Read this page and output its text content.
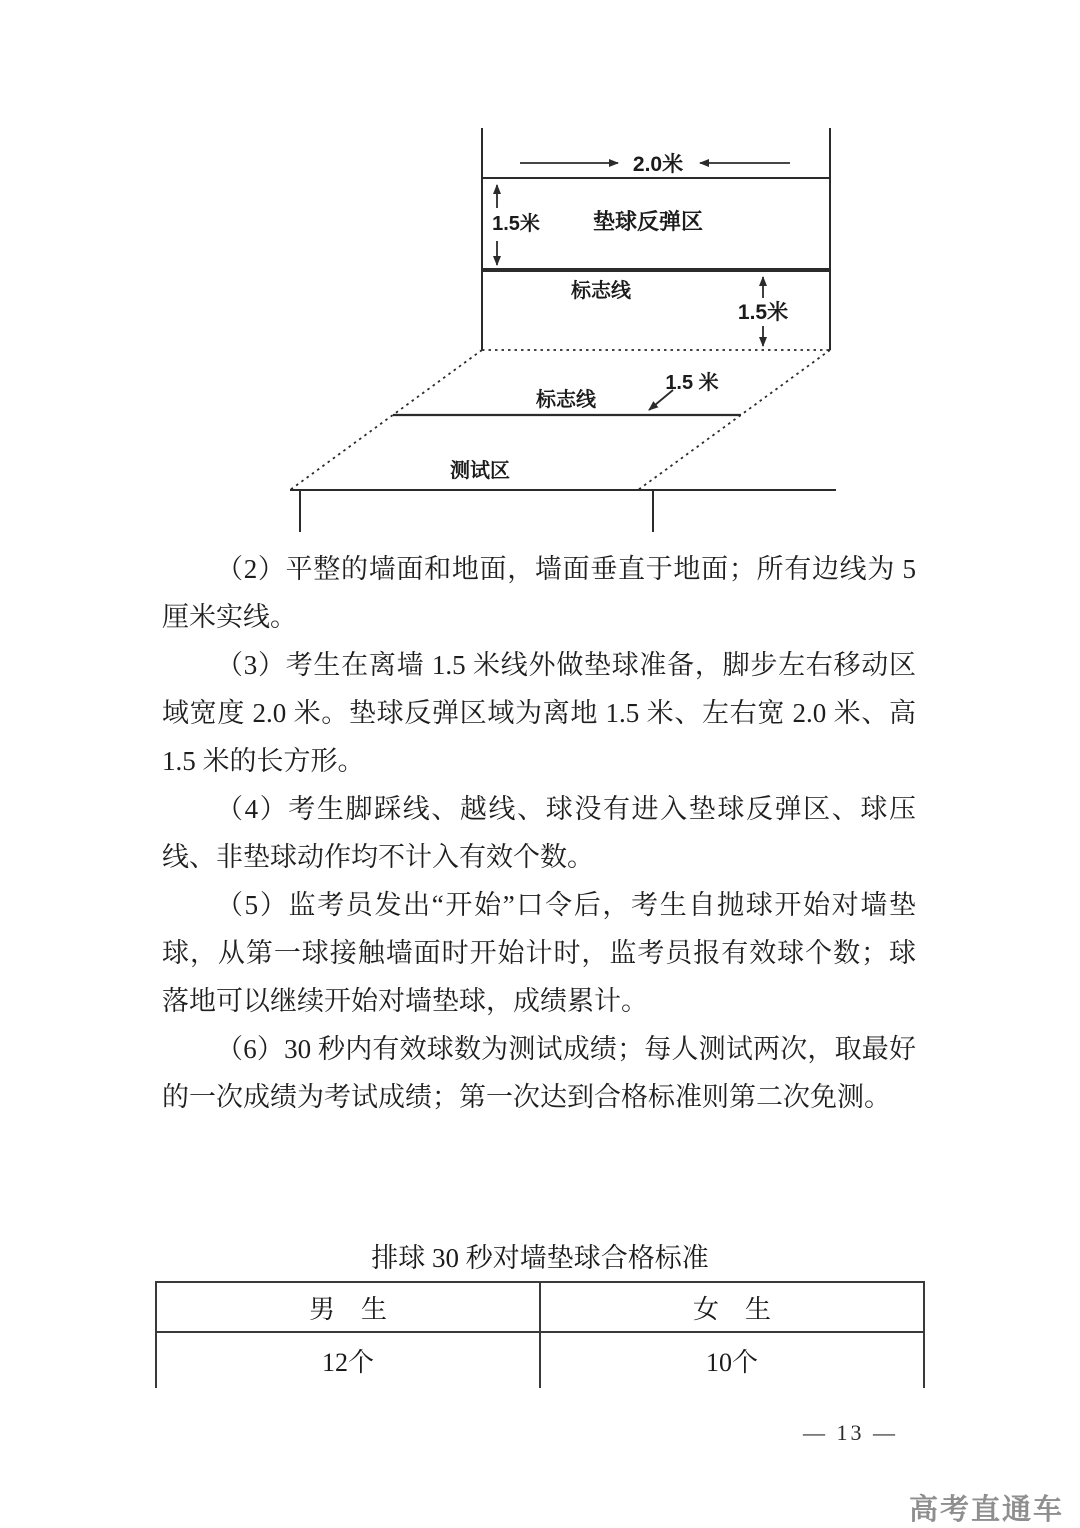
2.0米
1.5米 垫球反弹区
标志线
1.5米
1.5 米
标志线
测试区

（2）平整的墙面和地面，墙面垂直于地面；所有边线为 5 厘米实线。

（3）考生在离墙 1.5 米线外做垫球准备，脚步左右移动区域宽度 2.0 米。垫球反弹区域为离地 1.5 米、左右宽 2.0 米、高 1.5 米的长方形。

（4）考生脚踩线、越线、球没有进入垫球反弹区、球压线、非垫球动作均不计入有效个数。

（5）监考员发出“开始”口令后，考生自抛球开始对墙垫球，从第一球接触墙面时开始计时，监考员报有效球个数；球落地可以继续开始对墙垫球，成绩累计。

（6）30 秒内有效球数为测试成绩；每人测试两次，取最好的一次成绩为考试成绩；第一次达到合格标准则第二次免测。

排球 30 秒对墙垫球合格标准
男　生	女　生
12个	10个
— 13 —
高考直通车
